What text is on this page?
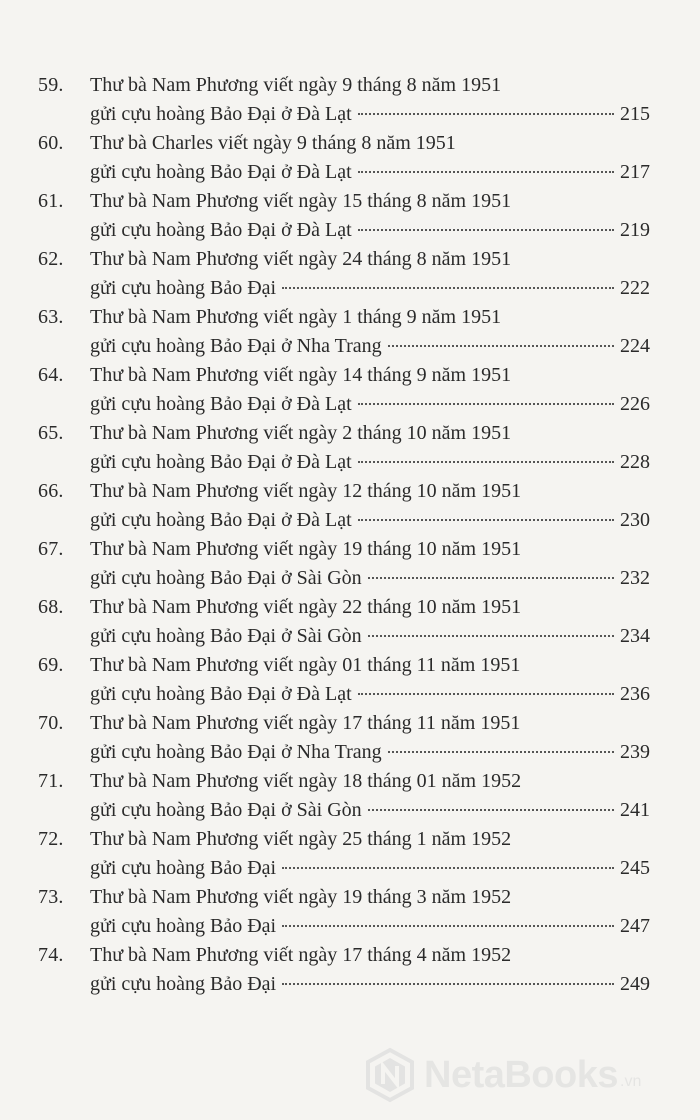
59. Thư bà Nam Phương viết ngày 9 tháng 8 năm 1951
gửi cựu hoàng Bảo Đại ở Đà Lạt	215
60. Thư bà Charles viết ngày 9 tháng 8 năm 1951
gửi cựu hoàng Bảo Đại ở Đà Lạt	217
61. Thư bà Nam Phương viết ngày 15 tháng 8 năm 1951
gửi cựu hoàng Bảo Đại ở Đà Lạt	219
62. Thư bà Nam Phương viết ngày 24 tháng 8 năm 1951
gửi cựu hoàng Bảo Đại	222
63. Thư bà Nam Phương viết ngày 1 tháng 9 năm 1951
gửi cựu hoàng Bảo Đại ở Nha Trang	224
64. Thư bà Nam Phương viết ngày 14 tháng 9 năm 1951
gửi cựu hoàng Bảo Đại ở Đà Lạt	226
65. Thư bà Nam Phương viết ngày 2 tháng 10 năm 1951
gửi cựu hoàng Bảo Đại ở Đà Lạt	228
66. Thư bà Nam Phương viết ngày 12 tháng 10 năm 1951
gửi cựu hoàng Bảo Đại ở Đà Lạt	230
67. Thư bà Nam Phương viết ngày 19 tháng 10 năm 1951
gửi cựu hoàng Bảo Đại ở Sài Gòn	232
68. Thư bà Nam Phương viết ngày 22 tháng 10 năm 1951
gửi cựu hoàng Bảo Đại ở Sài Gòn	234
69. Thư bà Nam Phương viết ngày 01 tháng 11 năm 1951
gửi cựu hoàng Bảo Đại ở Đà Lạt	236
70. Thư bà Nam Phương viết ngày 17 tháng 11 năm 1951
gửi cựu hoàng Bảo Đại ở Nha Trang	239
71. Thư bà Nam Phương viết ngày 18 tháng 01 năm 1952
gửi cựu hoàng Bảo Đại ở Sài Gòn	241
72. Thư bà Nam Phương viết ngày 25 tháng 1 năm 1952
gửi cựu hoàng Bảo Đại	245
73. Thư bà Nam Phương viết ngày 19 tháng 3 năm 1952
gửi cựu hoàng Bảo Đại	247
74. Thư bà Nam Phương viết ngày 17 tháng 4 năm 1952
gửi cựu hoàng Bảo Đại	249
NetaBooks .vn
